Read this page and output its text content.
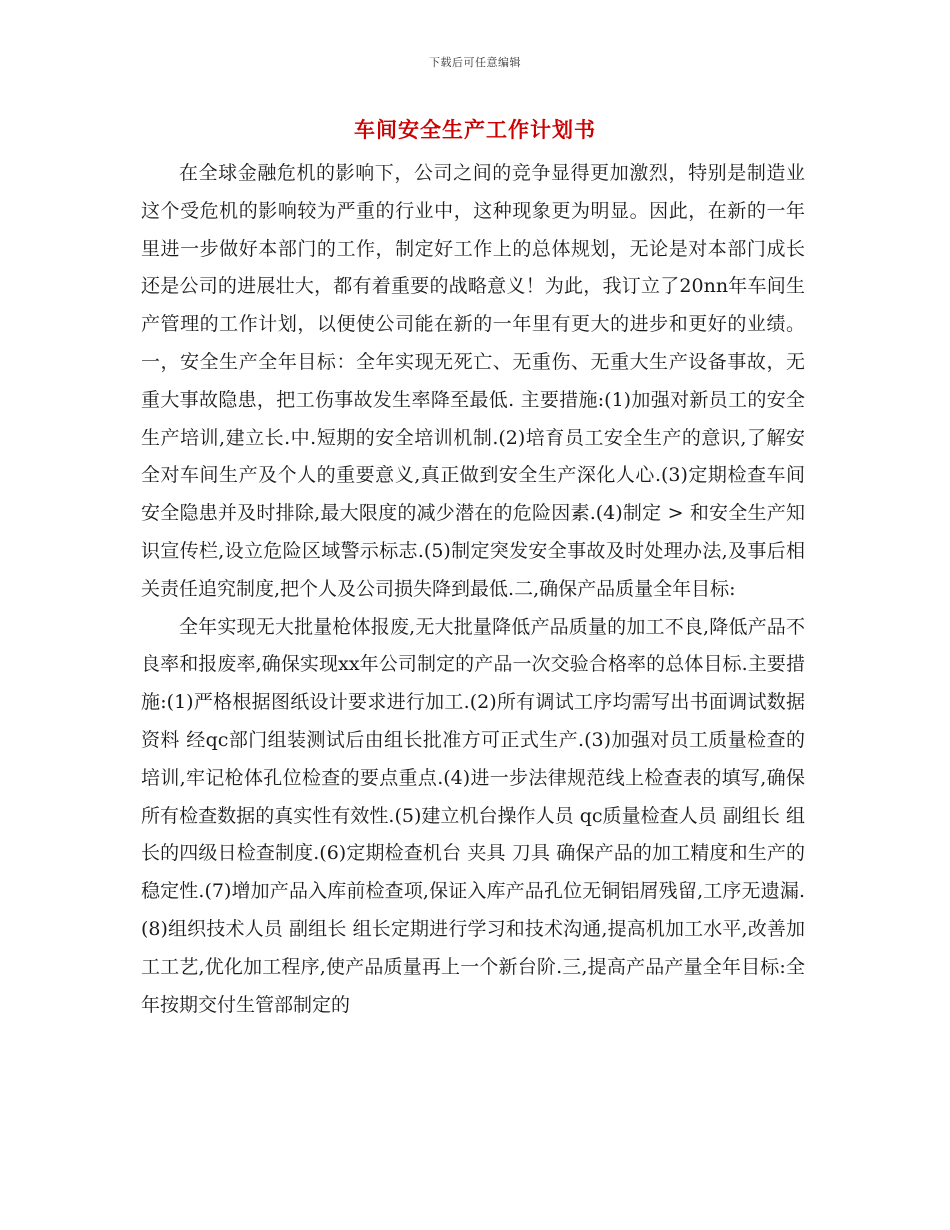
下载后可任意编辑
车间安全生产工作计划书

在全球金融危机的影响下，公司之间的竞争显得更加激烈，特别是制造业这个受危机的影响较为严重的行业中，这种现象更为明显。因此，在新的一年里进一步做好本部门的工作，制定好工作上的总体规划，无论是对本部门成长还是公司的进展壮大，都有着重要的战略意义！为此，我订立了20nn年车间生产管理的工作计划，以便使公司能在新的一年里有更大的进步和更好的业绩。一，安全生产全年目标：全年实现无死亡、无重伤、无重大生产设备事故，无重大事故隐患，把工伤事故发生率降至最低. 主要措施:(1)加强对新员工的安全生产培训,建立长.中.短期的安全培训机制.(2)培育员工安全生产的意识,了解安全对车间生产及个人的重要意义,真正做到安全生产深化人心.(3)定期检查车间安全隐患并及时排除,最大限度的减少潜在的危险因素.(4)制定 > 和安全生产知识宣传栏,设立危险区域警示标志.(5)制定突发安全事故及时处理办法,及事后相关责任追究制度,把个人及公司损失降到最低.二,确保产品质量全年目标:

全年实现无大批量枪体报废,无大批量降低产品质量的加工不良,降低产品不良率和报废率,确保实现xx年公司制定的产品一次交验合格率的总体目标.主要措施:(1)严格根据图纸设计要求进行加工.(2)所有调试工序均需写出书面调试数据 资料 经qc部门组装测试后由组长批准方可正式生产.(3)加强对员工质量检查的培训,牢记枪体孔位检查的要点重点.(4)进一步法律规范线上检查表的填写,确保所有检查数据的真实性有效性.(5)建立机台操作人员 qc质量检查人员 副组长 组长的四级日检查制度.(6)定期检查机台 夹具 刀具 确保产品的加工精度和生产的稳定性.(7)增加产品入库前检查项,保证入库产品孔位无铜铝屑残留,工序无遗漏.(8)组织技术人员 副组长 组长定期进行学习和技术沟通,提高机加工水平,改善加工工艺,优化加工程序,使产品质量再上一个新台阶.三,提高产品产量全年目标:全年按期交付生管部制定的
